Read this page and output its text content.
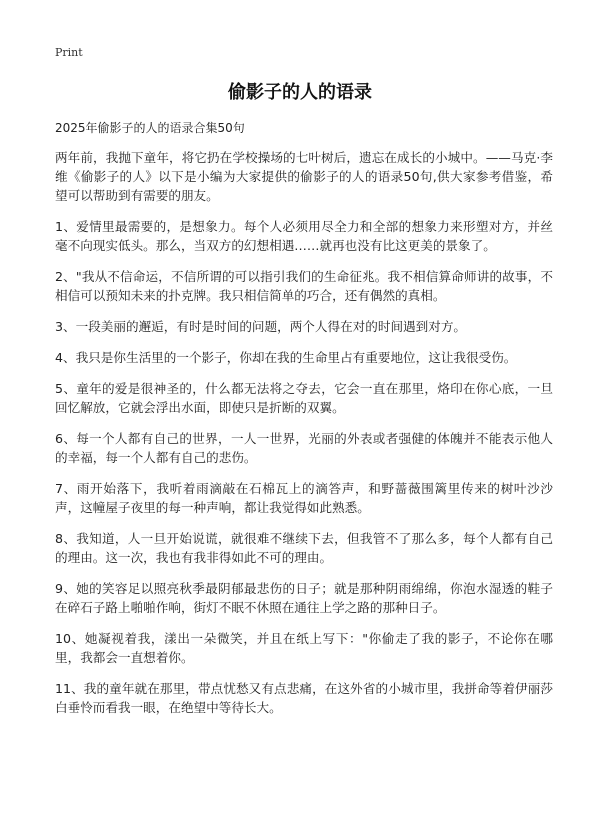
Print
偷影子的人的语录
2025年偷影子的人的语录合集50句

两年前，我抛下童年，将它扔在学校操场的七叶树后，遗忘在成长的小城中。——马克·李维《偷影子的人》以下是小编为大家提供的偷影子的人的语录50句,供大家参考借鉴，希望可以帮助到有需要的朋友。

1、爱情里最需要的，是想象力。每个人必须用尽全力和全部的想象力来形塑对方，并丝毫不向现实低头。那么，当双方的幻想相遇……就再也没有比这更美的景象了。

2、"我从不信命运，不信所谓的可以指引我们的生命征兆。我不相信算命师讲的故事，不相信可以预知未来的扑克牌。我只相信简单的巧合，还有偶然的真相。

3、一段美丽的邂逅，有时是时间的问题，两个人得在对的时间遇到对方。

4、我只是你生活里的一个影子，你却在我的生命里占有重要地位，这让我很受伤。

5、童年的爱是很神圣的，什么都无法将之夺去，它会一直在那里，烙印在你心底，一旦回忆解放，它就会浮出水面，即使只是折断的双翼。

6、每一个人都有自己的世界，一人一世界，光丽的外表或者强健的体魄并不能表示他人的幸福，每一个人都有自己的悲伤。

7、雨开始落下，我听着雨滴敲在石棉瓦上的滴答声，和野蔷薇围篱里传来的树叶沙沙声，这幢屋子夜里的每一种声响，都让我觉得如此熟悉。

8、我知道，人一旦开始说谎，就很难不继续下去，但我管不了那么多，每个人都有自己的理由。这一次，我也有我非得如此不可的理由。

9、她的笑容足以照亮秋季最阴郁最悲伤的日子；就是那种阴雨绵绵，你泡水湿透的鞋子在碎石子路上啪啪作响，街灯不眠不休照在通往上学之路的那种日子。

10、她凝视着我，漾出一朵微笑，并且在纸上写下："你偷走了我的影子，不论你在哪里，我都会一直想着你。

11、我的童年就在那里，带点忧愁又有点悲痛，在这外省的小城市里，我拼命等着伊丽莎白垂怜而看我一眼，在绝望中等待长大。
